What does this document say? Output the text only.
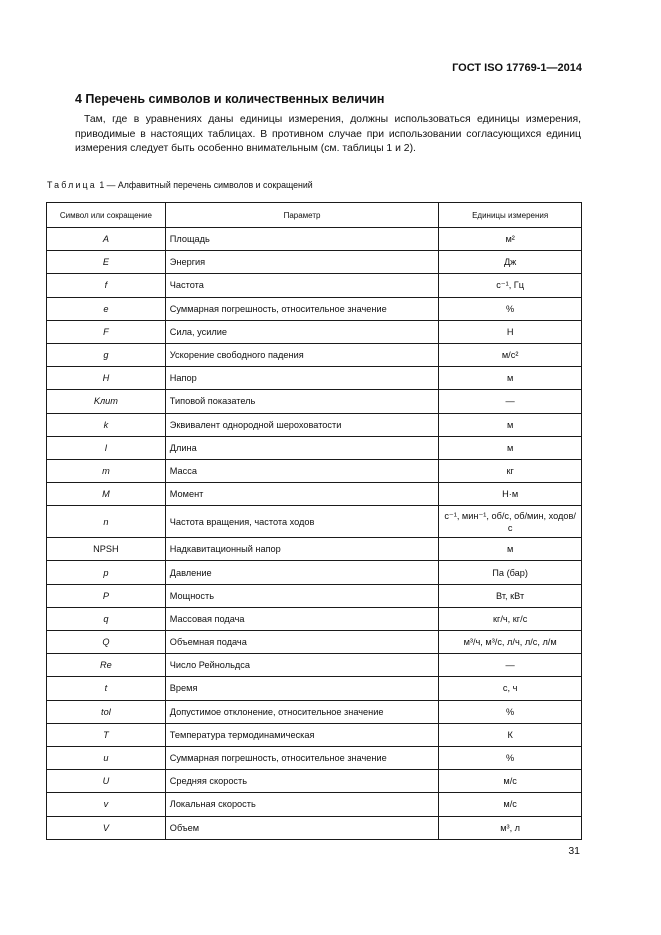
ГОСТ ISO 17769-1—2014
4 Перечень символов и количественных величин

Там, где в уравнениях даны единицы измерения, должны использоваться единицы измерения, приводимые в настоящих таблицах. В противном случае при использовании согласующихся единиц измерения следует быть особенно внимательным (см. таблицы 1 и 2).

Таблица 1 — Алфавитный перечень символов и сокращений
Символ или сокращение	Параметр	Единицы измерения
A	Площадь	м²
E	Энергия	Дж
f	Частота	с⁻¹, Гц
e	Суммарная погрешность, относительное значение	%
F	Сила, усилие	Н
g	Ускорение свободного падения	м/с²
H	Напор	м
Kлит	Типовой показатель	—
k	Эквивалент однородной шероховатости	м
l	Длина	м
m	Масса	кг
M	Момент	Н·м
n	Частота вращения, частота ходов	с⁻¹, мин⁻¹, об/с, об/мин, ходов/с
NPSH	Надкавитационный напор	м
p	Давление	Па (бар)
P	Мощность	Вт, кВт
q	Массовая подача	кг/ч, кг/с
Q	Объемная подача	м³/ч, м³/с, л/ч, л/с, л/м
Re	Число Рейнольдса	—
t	Время	с, ч
tol	Допустимое отклонение, относительное значение	%
T	Температура термодинамическая	К
u	Суммарная погрешность, относительное значение	%
U	Средняя скорость	м/с
v	Локальная скорость	м/с
V	Объем	м³, л
31
